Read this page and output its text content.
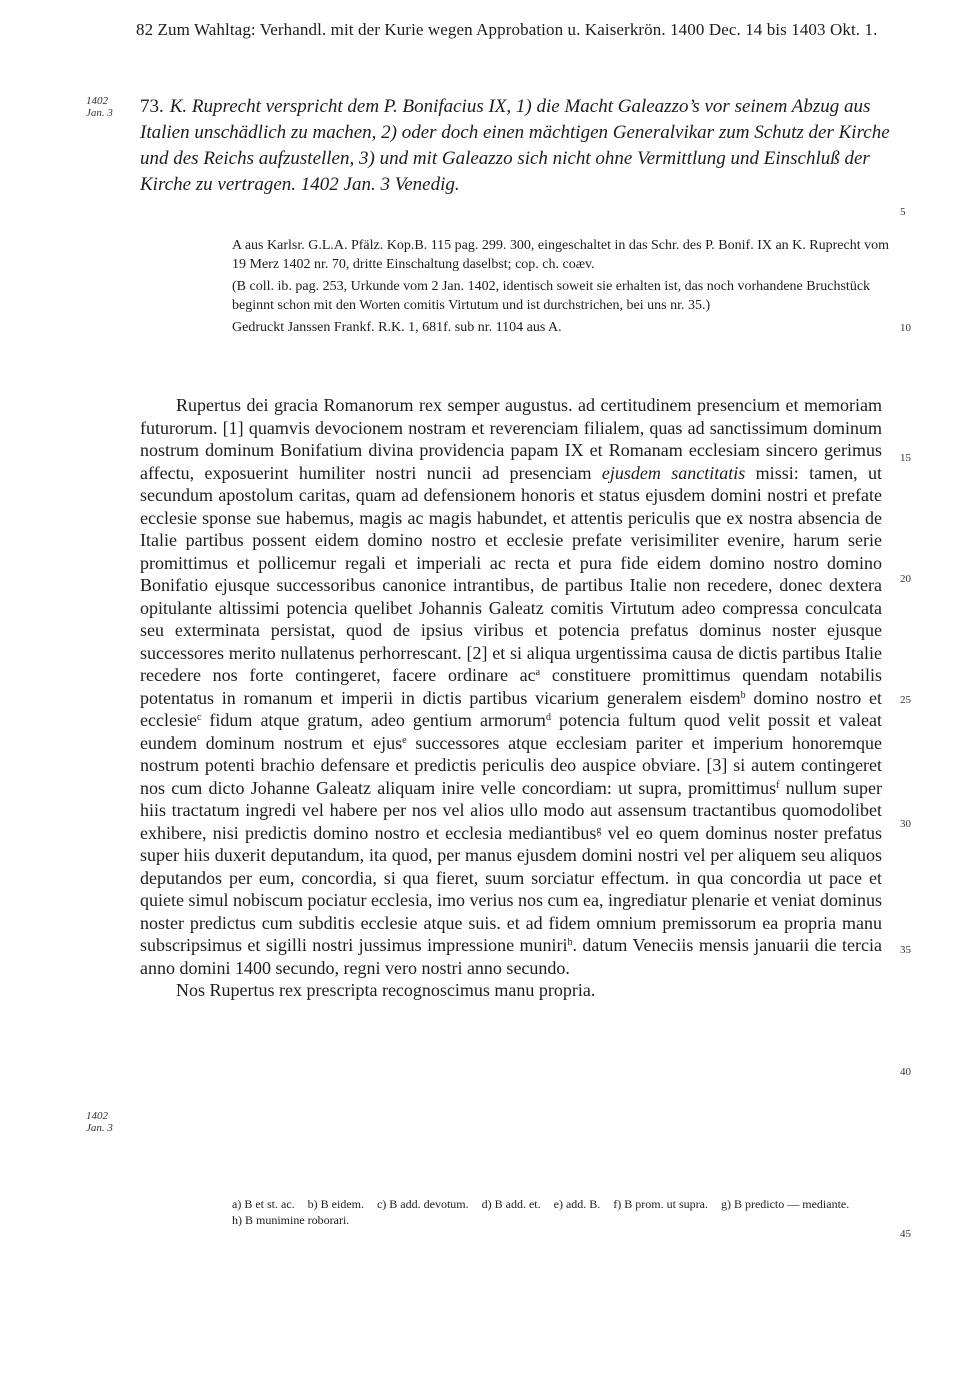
82 Zum Wahltag: Verhandl. mit der Kurie wegen Approbation u. Kaiserkrön. 1400 Dec. 14 bis 1403 Okt. 1.
1402
Jan. 3
5
10
15
20
25
30
35
40
45
73. K. Ruprecht verspricht dem P. Bonifacius IX, 1) die Macht Galeazzo’s vor seinem Abzug aus Italien unschädlich zu machen, 2) oder doch einen mächtigen Generalvikar zum Schutz der Kirche und des Reichs aufzustellen, 3) und mit Galeazzo sich nicht ohne Vermittlung und Einschluß der Kirche zu vertragen. 1402 Jan. 3 Venedig.

A aus Karlsr. G.L.A. Pfälz. Kop.B. 115 pag. 299. 300, eingeschaltet in das Schr. des P. Bonif. IX an K. Ruprecht vom 19 Merz 1402 nr. 70, dritte Einschaltung daselbst; cop. ch. coæv.

(B coll. ib. pag. 253, Urkunde vom 2 Jan. 1402, identisch soweit sie erhalten ist, das noch vorhandene Bruchstück beginnt schon mit den Worten comitis Virtutum und ist durchstrichen, bei uns nr. 35.)

Gedruckt Janssen Frankf. R.K. 1, 681f. sub nr. 1104 aus A.

Rupertus dei gracia Romanorum rex semper augustus. ad certitudinem presencium et memoriam futurorum. [1] quamvis devocionem nostram et reverenciam filialem, quas ad sanctissimum dominum nostrum dominum Bonifatium divina providencia papam IX et Romanam ecclesiam sincero gerimus affectu, exposuerint humiliter nostri nuncii ad presenciam ejusdem sanctitatis missi: tamen, ut secundum apostolum caritas, quam ad defensionem honoris et status ejusdem domini nostri et prefate ecclesie sponse sue habemus, magis ac magis habundet, et attentis periculis que ex nostra absencia de Italie partibus possent eidem domino nostro et ecclesie prefate verisimiliter evenire, harum serie promittimus et pollicemur regali et imperiali ac recta et pura fide eidem domino nostro domino Bonifatio ejusque successoribus canonice intrantibus, de partibus Italie non recedere, donec dextera opitulante altissimi potencia quelibet Johannis Galeatz comitis Virtutum adeo compressa conculcata seu exterminata persistat, quod de ipsius viribus et potencia prefatus dominus noster ejusque successores merito nullatenus perhorrescant. [2] et si aliqua urgentissima causa de dictis partibus Italie recedere nos forte contingeret, facere ordinare $ac^a$ constituere promittimus quendam notabilis potentatus in romanum et imperii in dictis partibus vicarium generalem eisdem$^b$ domino nostro et ecclesie$^c$ fidum atque gratum, adeo gentium armorum$^d$ potencia fultum quod velit possit et valeat eundem dominum nostrum et ejus$^e$ successores atque ecclesiam pariter et imperium honoremque nostrum potenti brachio defensare et predictis periculis deo auspice obviare. [3] si autem contingeret nos cum dicto Johanne Galeatz aliquam inire velle concordiam: ut supra, promittimus$^f$ nullum super hiis tractatum ingredi vel habere per nos vel alios ullo modo aut assensum tractantibus quomodolibet exhibere, nisi predictis domino nostro et ecclesia mediantibus$^g$ vel eo quem dominus noster prefatus super hiis duxerit deputandum, ita quod, per manus ejusdem domini nostri vel per aliquem seu aliquos deputandos per eum, concordia, si qua fieret, suum sorciatur effectum. in qua concordia ut pace et quiete simul nobiscum pociatur ecclesia, imo verius nos cum ea, ingrediatur plenarie et veniat dominus noster predictus cum subditis ecclesie atque suis. et ad fidem omnium premissorum ea propria manu subscripsimus et sigilli nostri jussimus impressione muniri$^h$. datum Veneciis mensis januarii die tercia anno domini 1400 secundo, regni vero nostri anno secundo.

Nos Rupertus rex prescripta recognoscimus manu propria.

1402
Jan. 3
a) B et st. ac. b) B eidem. c) B add. devotum. d) B add. et. e) add. B. f) B prom. ut supra. g) B predicto — mediante. h) B munimine roborari.
